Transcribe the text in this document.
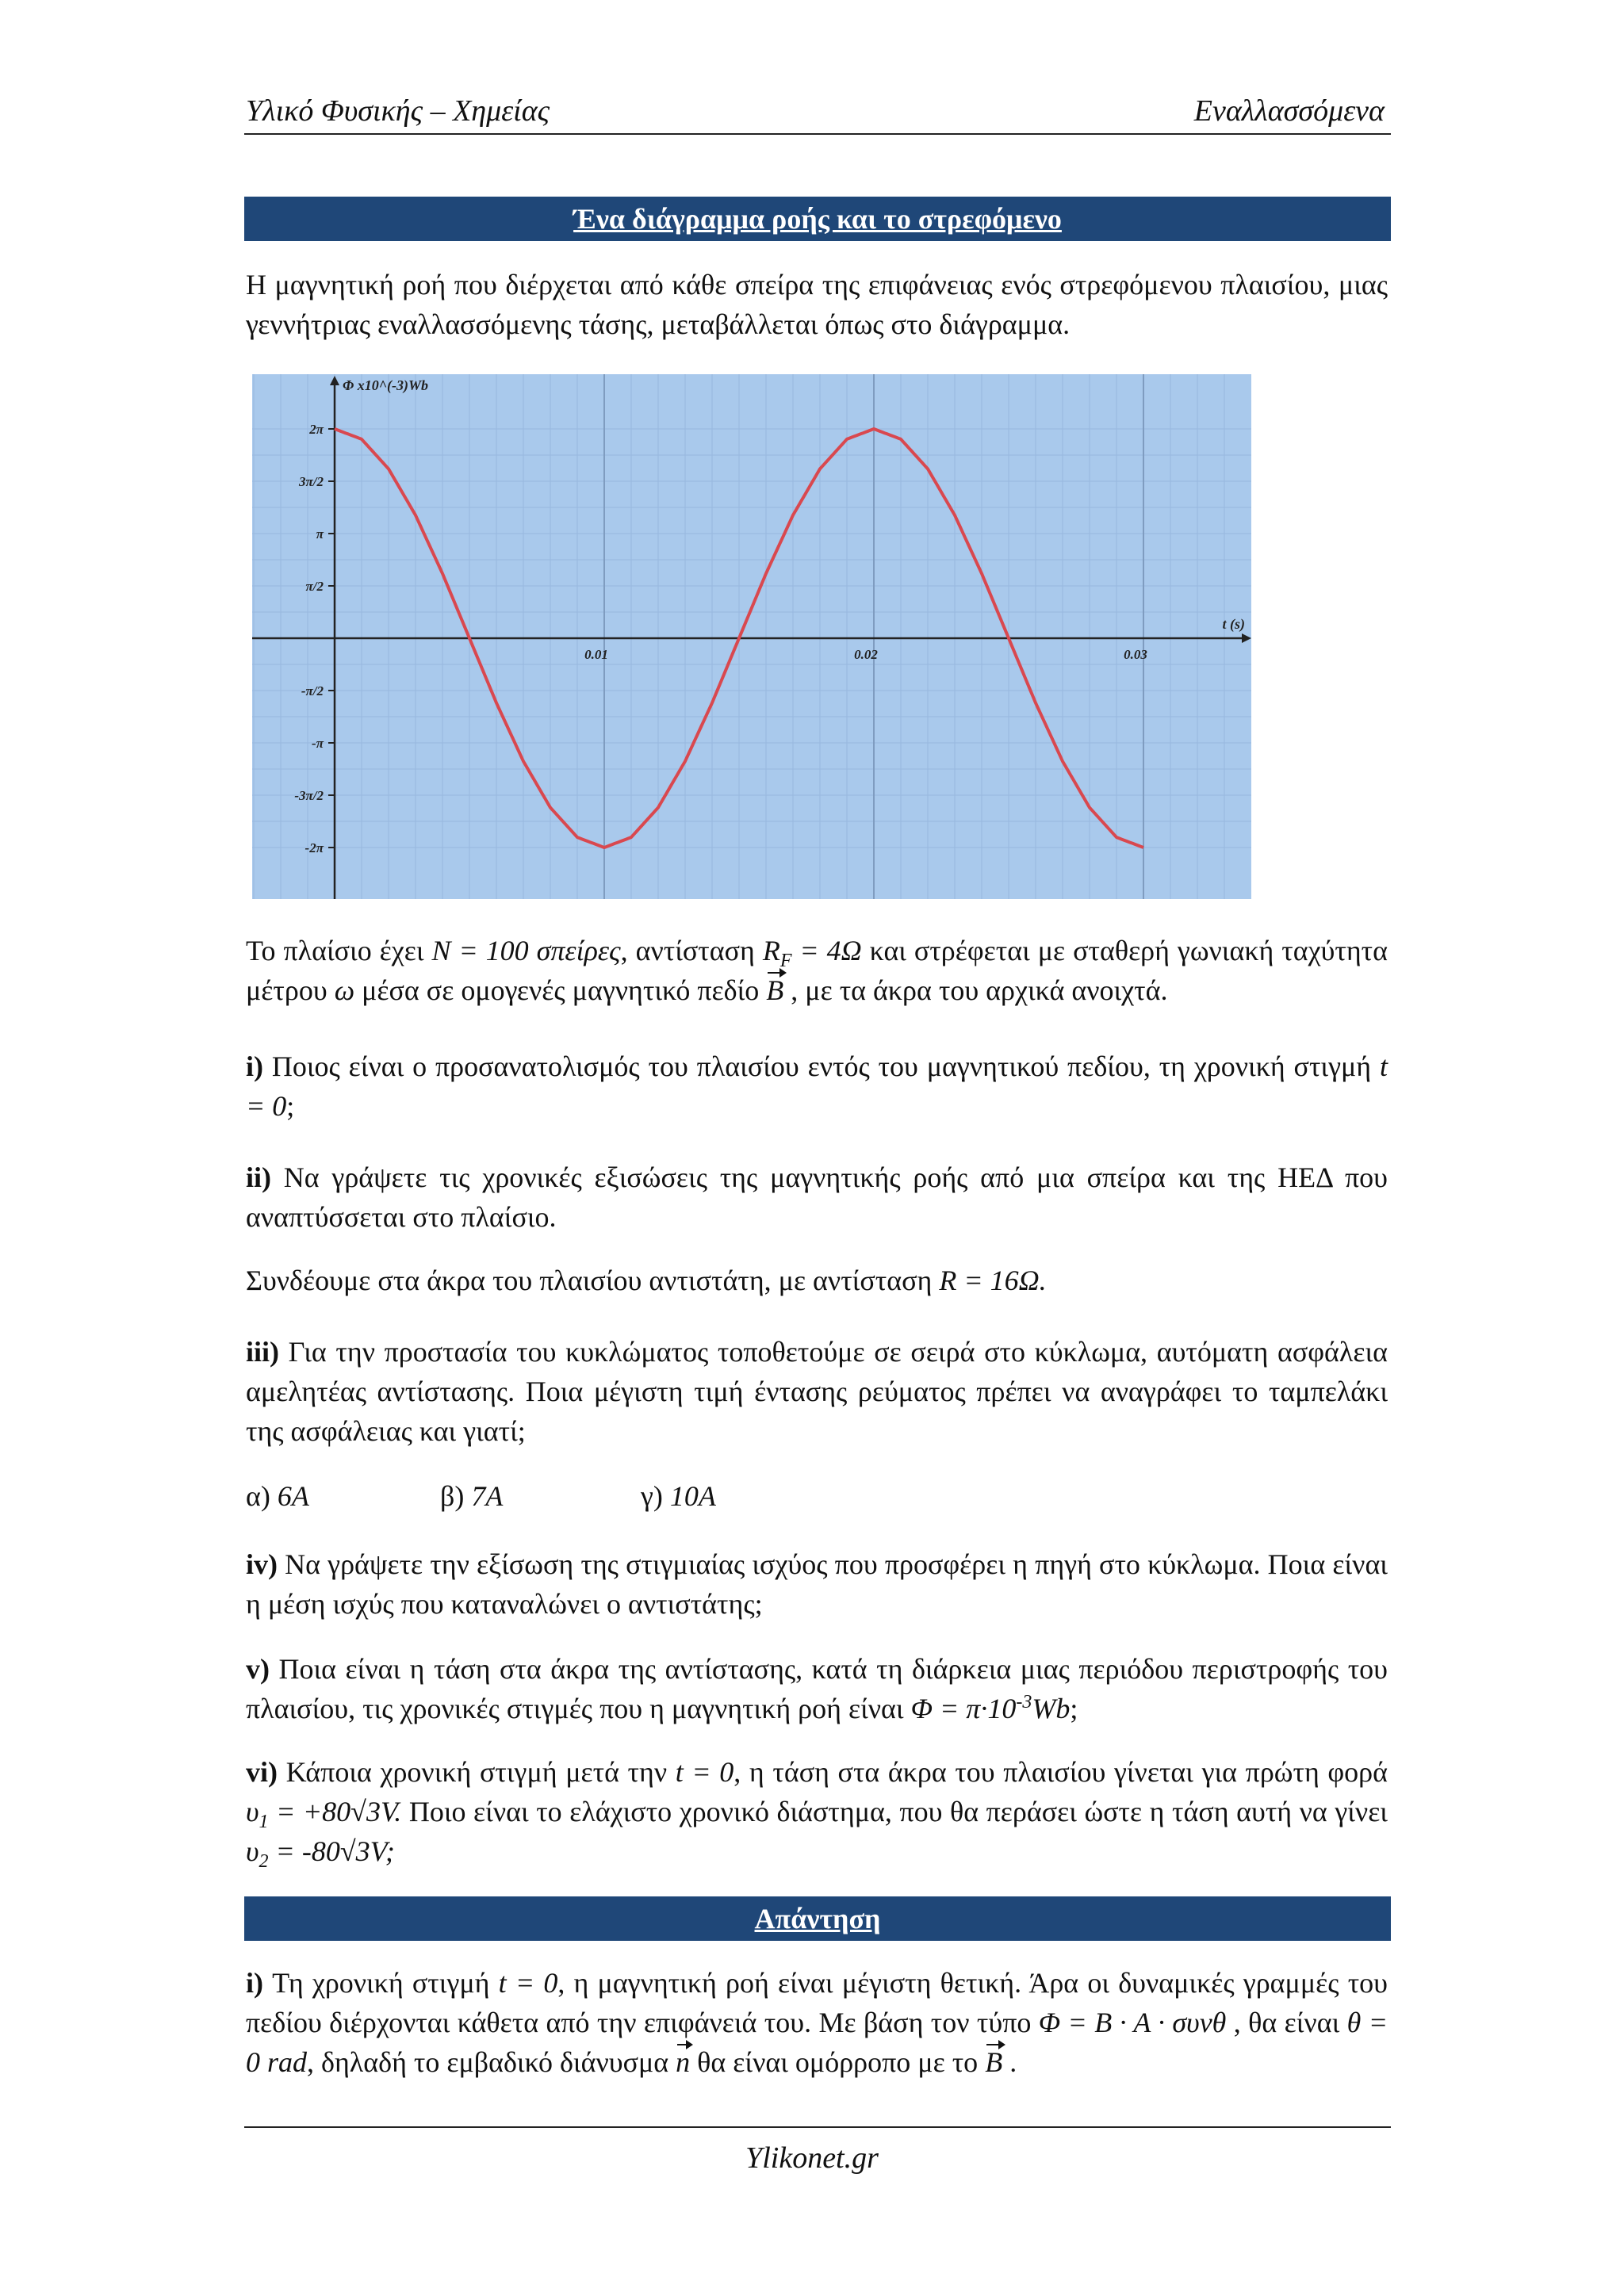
Υλικό Φυσικής – Χημείας	Εναλλασσόμενα
Ένα διάγραμμα ροής και το στρεφόμενο
Η μαγνητική ροή που διέρχεται από κάθε σπείρα της επιφάνειας ενός στρεφόμενου πλαισίου, μιας γεννήτριας εναλλασσόμενης τάσης, μεταβάλλεται όπως στο διάγραμμα.
0.01	0.02	0.03
2π
3π/2
π
π/2
-π/2
-π
-3π/2
-2π
Φ x10^(-3)Wb
t (s)
Το πλαίσιο έχει N = 100 σπείρες, αντίσταση $R_F = 4\Omega$ και στρέφεται με σταθερή γωνιακή ταχύτητα μέτρου ω μέσα σε ομογενές μαγνητικό πεδίο B , με τα άκρα του αρχικά ανοιχτά.
i) Ποιος είναι ο προσανατολισμός του πλαισίου εντός του μαγνητικού πεδίου, τη χρονική στιγμή t = 0;
ii) Να γράψετε τις χρονικές εξισώσεις της μαγνητικής ροής από μια σπείρα και της ΗΕΔ που αναπτύσσεται στο πλαίσιο.
Συνδέουμε στα άκρα του πλαισίου αντιστάτη, με αντίσταση R = 16Ω.
iii) Για την προστασία του κυκλώματος τοποθετούμε σε σειρά στο κύκλωμα, αυτόματη ασφάλεια αμελητέας αντίστασης. Ποια μέγιστη τιμή έντασης ρεύματος πρέπει να αναγράφει το ταμπελάκι της ασφάλειας και γιατί;
α) 6A	β) 7A	γ) 10A
iv) Να γράψετε την εξίσωση της στιγμιαίας ισχύος που προσφέρει η πηγή στο κύκλωμα. Ποια είναι η μέση ισχύς που καταναλώνει ο αντιστάτης;
v) Ποια είναι η τάση στα άκρα της αντίστασης, κατά τη διάρκεια μιας περιόδου περιστροφής του πλαισίου, τις χρονικές στιγμές που η μαγνητική ροή είναι $\Phi = \pi\cdot 10^{-3}Wb$;
vi) Κάποια χρονική στιγμή μετά την t = 0, η τάση στα άκρα του πλαισίου γίνεται για πρώτη φορά $\upsilon_1 = +80√3V$. Ποιο είναι το ελάχιστο χρονικό διάστημα, που θα περάσει ώστε η τάση αυτή να γίνει $\upsilon_2 = -80√3V$;
Απάντηση
i) Τη χρονική στιγμή t = 0, η μαγνητική ροή είναι μέγιστη θετική. Άρα οι δυναμικές γραμμές του πεδίου διέρχονται κάθετα από την επιφάνειά του. Με βάση τον τύπο Φ = B · A · συνθ , θα είναι θ = 0 rad, δηλαδή το εμβαδικό διάνυσμα n θα είναι ομόρροπο με το B .
Ylikonet.gr
